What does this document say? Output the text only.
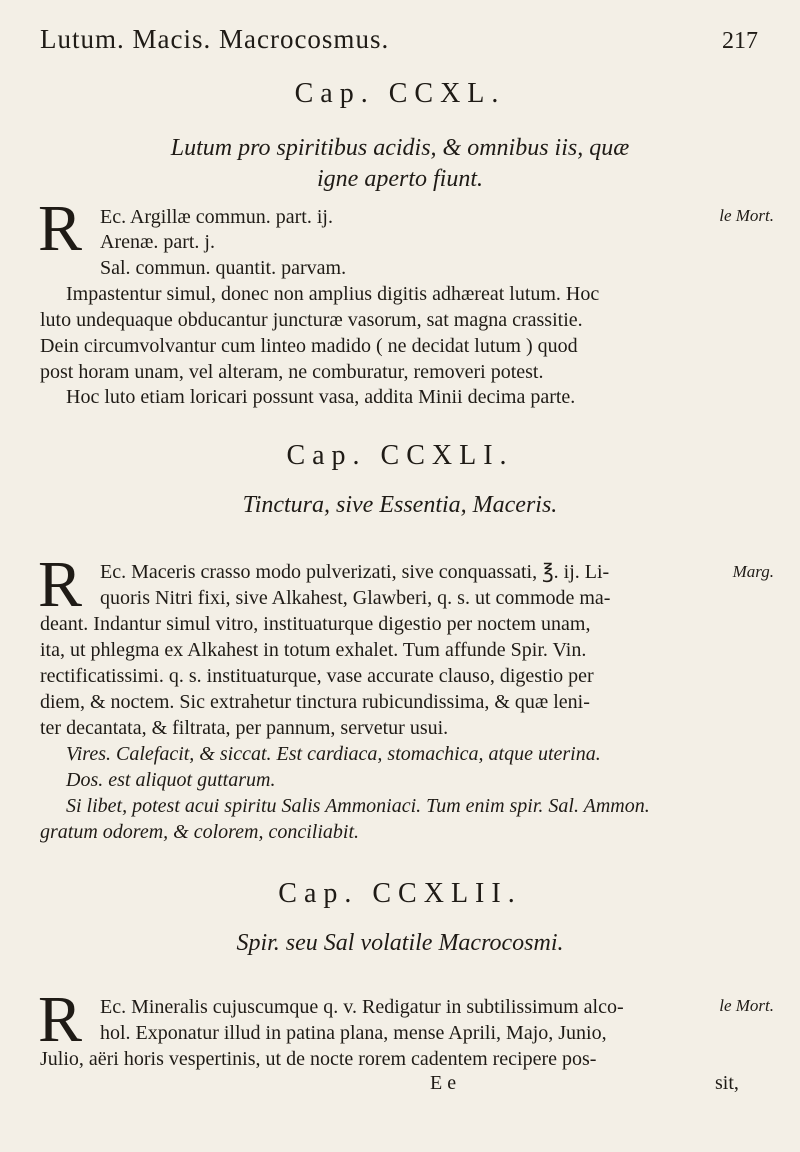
Lutum. Macis. Macrocosmus.	217
Cap. CCXL.
Lutum pro spiritibus acidis, & omnibus iis, quæ
igne aperto fiunt.
R	le Mort.
Ec. Argillæ commun. part. ij.
Arenæ. part. j.
Sal. commun. quantit. parvam.
Impastentur simul, donec non amplius digitis adhæreat lutum. Hoc
luto undequaque obducantur juncturæ vasorum, sat magna crassitie.
Dein circumvolvantur cum linteo madido ( ne decidat lutum ) quod
post horam unam, vel alteram, ne comburatur, removeri potest.
Hoc luto etiam loricari possunt vasa, addita Minii decima parte.
Cap. CCXLI.
Tinctura, sive Essentia, Maceris.
R	Marg.
Ec. Maceris crasso modo pulverizati, sive conquassati, ℥. ij. Li-
quoris Nitri fixi, sive Alkahest, Glawberi, q. s. ut commode ma-
deant. Indantur simul vitro, instituaturque digestio per noctem unam,
ita, ut phlegma ex Alkahest in totum exhalet. Tum affunde Spir. Vin.
rectificatissimi. q. s. instituaturque, vase accurate clauso, digestio per
diem, & noctem. Sic extrahetur tinctura rubicundissima, & quæ leni-
ter decantata, & filtrata, per pannum, servetur usui.
Vires. Calefacit, & siccat. Est cardiaca, stomachica, atque uterina.
Dos. est aliquot guttarum.
Si libet, potest acui spiritu Salis Ammoniaci. Tum enim spir. Sal. Ammon.
gratum odorem, & colorem, conciliabit.
Cap. CCXLII.
Spir. seu Sal volatile Macrocosmi.
R	le Mort.
Ec. Mineralis cujuscumque q. v. Redigatur in subtilissimum alco-
hol. Exponatur illud in patina plana, mense Aprili, Majo, Junio,
Julio, aëri horis vespertinis, ut de nocte rorem cadentem recipere pos-
E e	sit,
